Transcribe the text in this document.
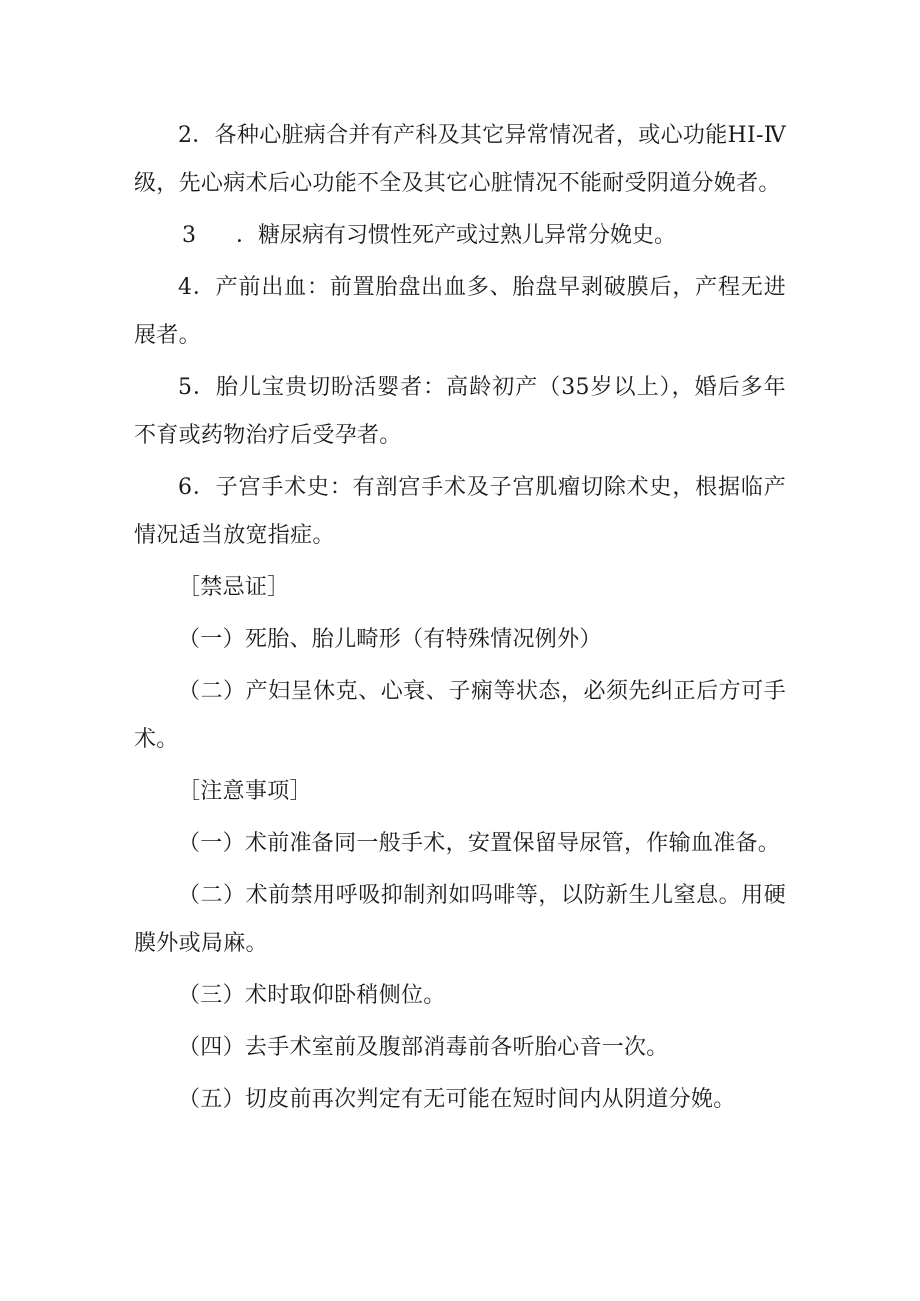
2．各种心脏病合并有产科及其它异常情况者，或心功能HI-Ⅳ级，先心病术后心功能不全及其它心脏情况不能耐受阴道分娩者。

3 ．糖尿病有习惯性死产或过熟儿异常分娩史。

4．产前出血：前置胎盘出血多、胎盘早剥破膜后，产程无进展者。

5．胎儿宝贵切盼活婴者：高龄初产（35岁以上），婚后多年不育或药物治疗后受孕者。

6．子宫手术史：有剖宫手术及子宫肌瘤切除术史，根据临产情况适当放宽指症。

［禁忌证］

（一）死胎、胎儿畸形（有特殊情况例外）

（二）产妇呈休克、心衰、子痫等状态，必须先纠正后方可手术。

［注意事项］

（一）术前准备同一般手术，安置保留导尿管，作输血准备。

（二）术前禁用呼吸抑制剂如吗啡等，以防新生儿窒息。用硬膜外或局麻。

（三）术时取仰卧稍侧位。

（四）去手术室前及腹部消毒前各听胎心音一次。

（五）切皮前再次判定有无可能在短时间内从阴道分娩。
